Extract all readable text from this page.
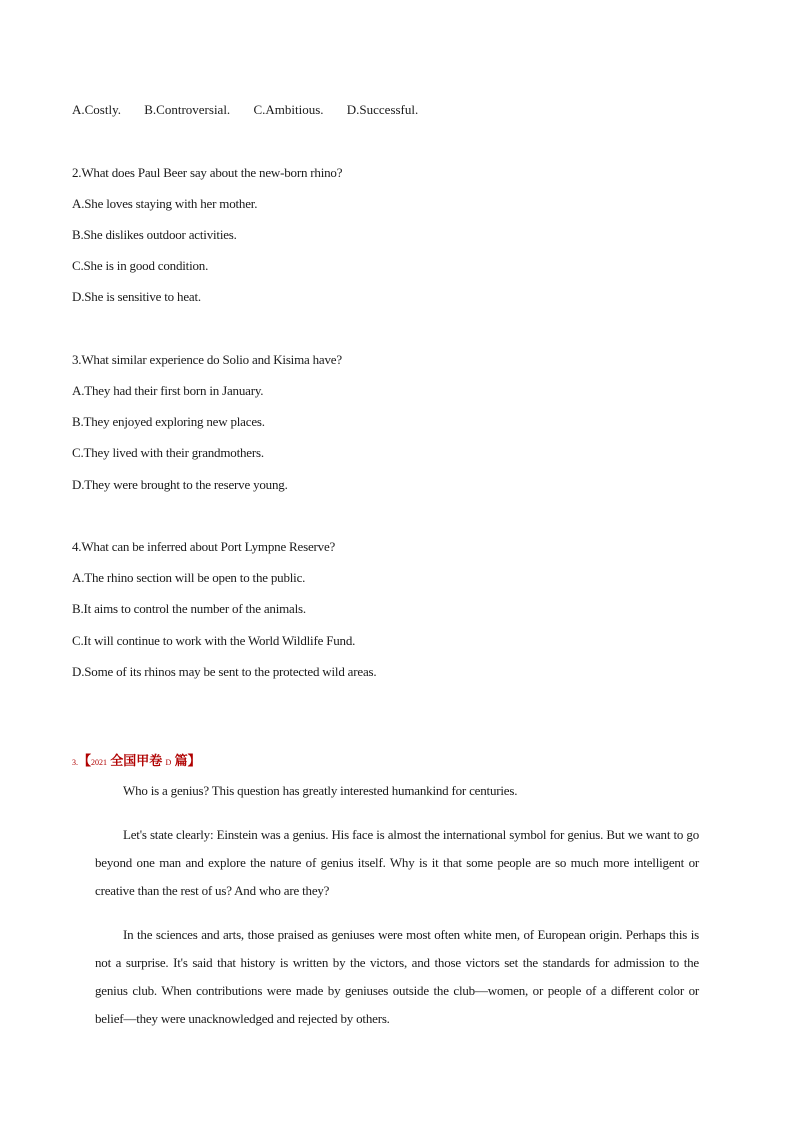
A.Costly. B.Controversial. C.Ambitious. D.Successful.
2.What does Paul Beer say about the new-born rhino?
A.She loves staying with her mother.
B.She dislikes outdoor activities.
C.She is in good condition.
D.She is sensitive to heat.
3.What similar experience do Solio and Kisima have?
A.They had their first born in January.
B.They enjoyed exploring new places.
C.They lived with their grandmothers.
D.They were brought to the reserve young.
4.What can be inferred about Port Lympne Reserve?
A.The rhino section will be open to the public.
B.It aims to control the number of the animals.
C.It will continue to work with the World Wildlife Fund.
D.Some of its rhinos may be sent to the protected wild areas.
3.【2021 全国甲卷 D 篇】

Who is a genius? This question has greatly interested humankind for centuries.

Let's state clearly: Einstein was a genius. His face is almost the international symbol for genius. But we want to go beyond one man and explore the nature of genius itself. Why is it that some people are so much more intelligent or creative than the rest of us? And who are they?

In the sciences and arts, those praised as geniuses were most often white men, of European origin. Perhaps this is not a surprise. It's said that history is written by the victors, and those victors set the standards for admission to the genius club. When contributions were made by geniuses outside the club—women, or people of a different color or belief—they were unacknowledged and rejected by others.
